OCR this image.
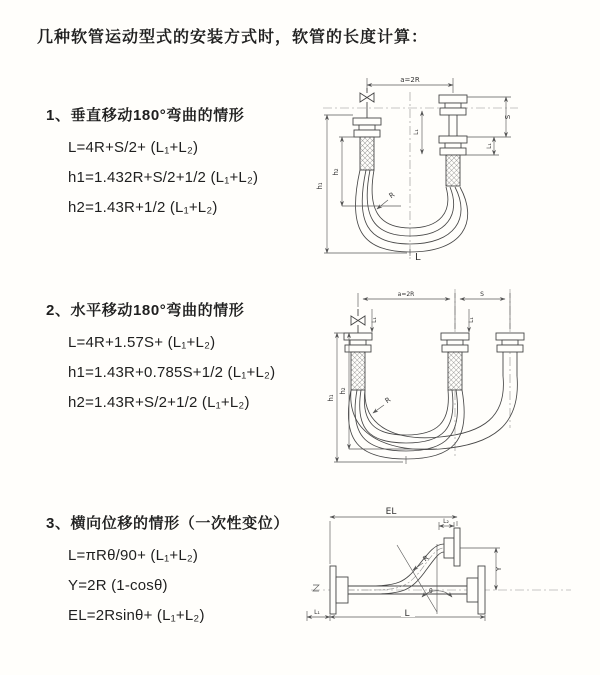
几种软管运动型式的安装方式时，软管的长度计算：
1、垂直移动180°弯曲的情形
L=4R+S/2+ (L₁+L₂)
h1=1.432R+S/2+1/2 (L₁+L₂)
h2=1.43R+1/2 (L₁+L₂)
2、水平移动180°弯曲的情形
L=4R+1.57S+ (L₁+L₂)
h1=1.43R+0.785S+1/2 (L₁+L₂)
h2=1.43R+S/2+1/2 (L₁+L₂)
3、横向位移的情形（一次性变位）
L=πRθ/90+ (L₁+L₂)
Y=2R (1-cosθ)
EL=2Rsinθ+ (L₁+L₂)
a=2R
h₁
h₂
L₁
S
L₁
R
L
a=2R	S
h₁
h₂
L₁	L₁
R
EL
L₂
Y
R
θ
L₁	L
